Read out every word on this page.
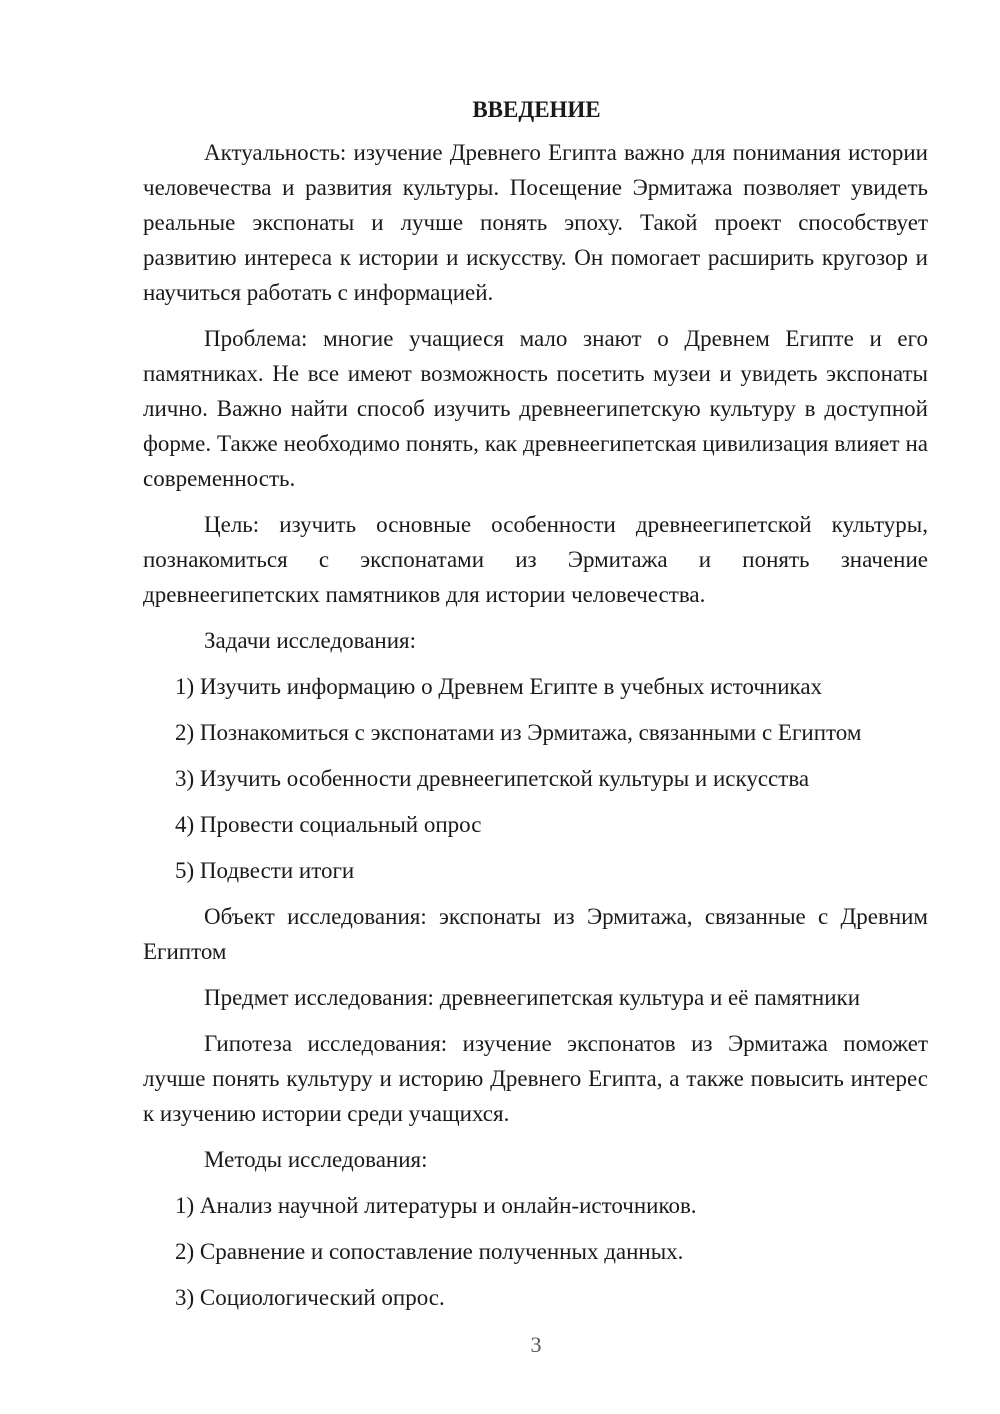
ВВЕДЕНИЕ

Актуальность: изучение Древнего Египта важно для понимания истории человечества и развития культуры. Посещение Эрмитажа позволяет увидеть реальные экспонаты и лучше понять эпоху. Такой проект способствует развитию интереса к истории и искусству. Он помогает расширить кругозор и научиться работать с информацией.

Проблема: многие учащиеся мало знают о Древнем Египте и его памятниках. Не все имеют возможность посетить музеи и увидеть экспонаты лично. Важно найти способ изучить древнеегипетскую культуру в доступной форме. Также необходимо понять, как древнеегипетская цивилизация влияет на современность.

Цель: изучить основные особенности древнеегипетской культуры, познакомиться с экспонатами из Эрмитажа и понять значение древнеегипетских памятников для истории человечества.

Задачи исследования:

1) Изучить информацию о Древнем Египте в учебных источниках
2) Познакомиться с экспонатами из Эрмитажа, связанными с Египтом
3) Изучить особенности древнеегипетской культуры и искусства
4) Провести социальный опрос
5) Подвести итоги

Объект исследования: экспонаты из Эрмитажа, связанные с Древним Египтом

Предмет исследования: древнеегипетская культура и её памятники

Гипотеза исследования: изучение экспонатов из Эрмитажа поможет лучше понять культуру и историю Древнего Египта, а также повысить интерес к изучению истории среди учащихся.

Методы исследования:

1) Анализ научной литературы и онлайн-источников.
2) Сравнение и сопоставление полученных данных.
3) Социологический опрос.
3
